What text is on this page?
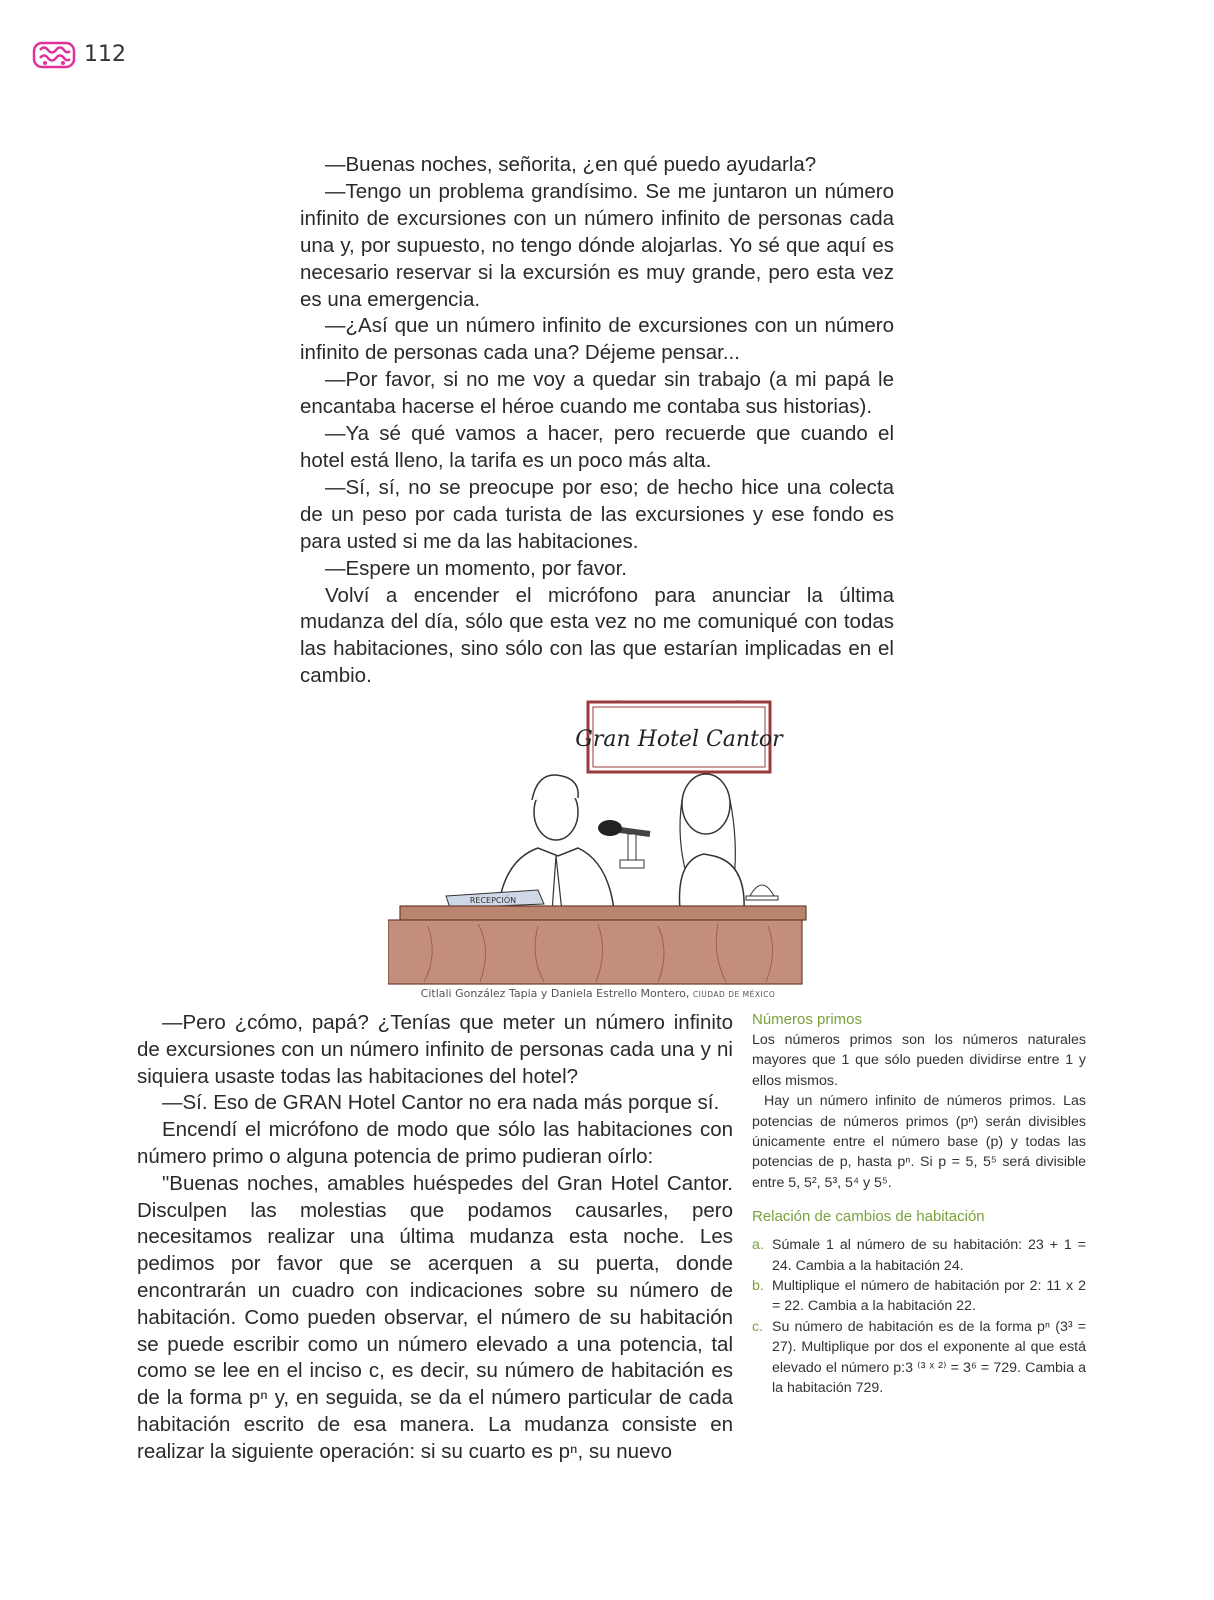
112

—Buenas noches, señorita, ¿en qué puedo ayudarla?

—Tengo un problema grandísimo. Se me juntaron un número infinito de excursiones con un número infinito de personas cada una y, por supuesto, no tengo dónde alojarlas. Yo sé que aquí es necesario reservar si la excursión es muy grande, pero esta vez es una emergencia.

—¿Así que un número infinito de excursiones con un número infinito de personas cada una? Déjeme pensar...

—Por favor, si no me voy a quedar sin trabajo (a mi papá le encantaba hacerse el héroe cuando me contaba sus historias).

—Ya sé qué vamos a hacer, pero recuerde que cuando el hotel está lleno, la tarifa es un poco más alta.

—Sí, sí, no se preocupe por eso; de hecho hice una colecta de un peso por cada turista de las excursiones y ese fondo es para usted si me da las habitaciones.

—Espere un momento, por favor.

Volví a encender el micrófono para anunciar la última mudanza del día, sólo que esta vez no me comuniqué con todas las habitaciones, sino sólo con las que estarían implicadas en el cambio.

Gran Hotel Cantor
RECEPCIÓN
Citlali González Tapia y Daniela Estrello Montero, CIUDAD DE MÉXICO

—Pero ¿cómo, papá? ¿Tenías que meter un número infinito de excursiones con un número infinito de personas cada una y ni siquiera usaste todas las habitaciones del hotel?

—Sí. Eso de GRAN Hotel Cantor no era nada más porque sí.

Encendí el micrófono de modo que sólo las habitaciones con número primo o alguna potencia de primo pudieran oírlo:

"Buenas noches, amables huéspedes del Gran Hotel Cantor. Disculpen las molestias que podamos causarles, pero necesitamos realizar una última mudanza esta noche. Les pedimos por favor que se acerquen a su puerta, donde encontrarán un cuadro con indicaciones sobre su número de habitación. Como pueden observar, el número de su habitación se puede escribir como un número elevado a una potencia, tal como se lee en el inciso c, es decir, su número de habitación es de la forma pⁿ y, en seguida, se da el número particular de cada habitación escrito de esa manera. La mudanza consiste en realizar la siguiente operación: si su cuarto es pⁿ, su nuevo

Números primos

Los números primos son los números naturales mayores que 1 que sólo pueden dividirse entre 1 y ellos mismos.

Hay un número infinito de números primos. Las potencias de números primos (pⁿ) serán divisibles únicamente entre el número base (p) y todas las potencias de p, hasta pⁿ. Si p = 5, 5⁵ será divisible entre 5, 5², 5³, 5⁴ y 5⁵.

Relación de cambios de habitación
a. Súmale 1 al número de su habitación: 23 + 1 = 24. Cambia a la habitación 24.
b. Multiplique el número de habitación por 2: 11 x 2 = 22. Cambia a la habitación 22.
c. Su número de habitación es de la forma pⁿ (3³ = 27). Multiplique por dos el exponente al que está elevado el número p:3 ⁽³ ˣ ²⁾ = 3⁶ = 729. Cambia a la habitación 729.
